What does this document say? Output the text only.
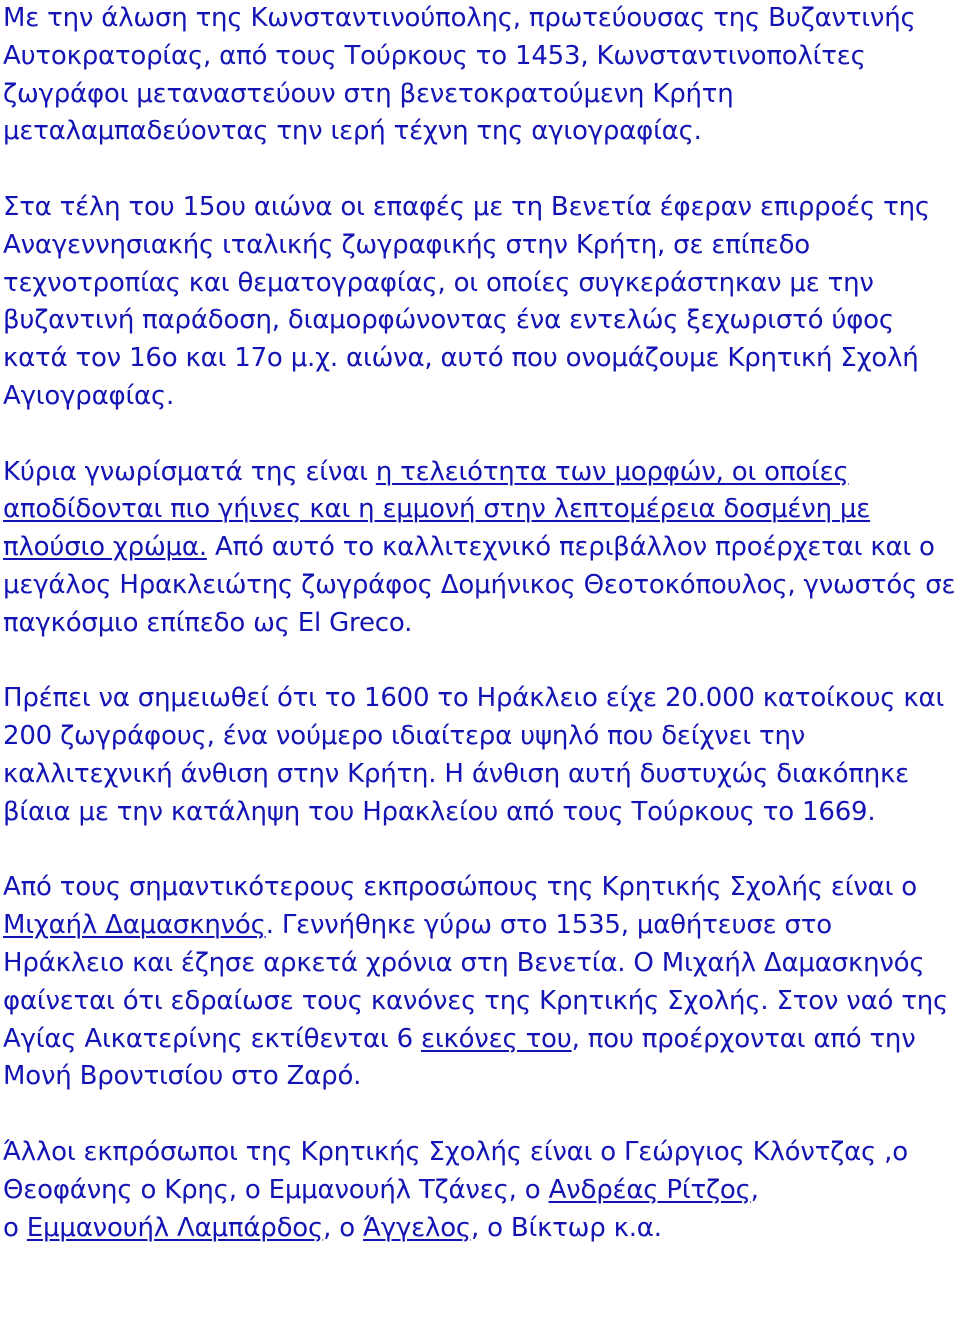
Με την άλωση της Κωνσταντινούπολης, πρωτεύουσας της Βυζαντινής Αυτοκρατορίας, από τους Τούρκους το 1453, Κωνσταντινοπολίτες ζωγράφοι μεταναστεύουν στη βενετοκρατούμενη Κρήτη μεταλαμπαδεύοντας την ιερή τέχνη της αγιογραφίας.

Στα τέλη του 15ου αιώνα οι επαφές με τη Βενετία έφεραν επιρροές της Αναγεννησιακής ιταλικής ζωγραφικής στην Κρήτη, σε επίπεδο τεχνοτροπίας και θεματογραφίας, οι οποίες συγκεράστηκαν με την βυζαντινή παράδοση, διαμορφώνοντας ένα εντελώς ξεχωριστό ύφος κατά τον 16ο και 17ο μ.χ. αιώνα, αυτό που ονομάζουμε Κρητική Σχολή Αγιογραφίας.

Κύρια γνωρίσματά της είναι η τελειότητα των μορφών, οι οποίες αποδίδονται πιο γήινες και η εμμονή στην λεπτομέρεια δοσμένη με πλούσιο χρώμα. Από αυτό το καλλιτεχνικό περιβάλλον προέρχεται και ο μεγάλος Ηρακλειώτης ζωγράφος Δομήνικος Θεοτοκόπουλος, γνωστός σε παγκόσμιο επίπεδο ως El Greco.

Πρέπει να σημειωθεί ότι το 1600 το Ηράκλειο είχε 20.000 κατοίκους και 200 ζωγράφους, ένα νούμερο ιδιαίτερα υψηλό που δείχνει την καλλιτεχνική άνθιση στην Κρήτη. Η άνθιση αυτή δυστυχώς διακόπηκε βίαια με την κατάληψη του Ηρακλείου από τους Τούρκους το 1669.

Από τους σημαντικότερους εκπροσώπους της Κρητικής Σχολής είναι ο Μιχαήλ Δαμασκηνός. Γεννήθηκε γύρω στο 1535, μαθήτευσε στο Ηράκλειο και έζησε αρκετά χρόνια στη Βενετία. Ο Μιχαήλ Δαμασκηνός φαίνεται ότι εδραίωσε τους κανόνες της Κρητικής Σχολής. Στον ναό της Αγίας Αικατερίνης εκτίθενται 6 εικόνες του, που προέρχονται από την Μονή Βροντισίου στο Ζαρό.

Άλλοι εκπρόσωποι της Κρητικής Σχολής είναι ο Γεώργιος Κλόντζας ,ο Θεοφάνης ο Κρης, ο Εμμανουήλ Τζάνες, ο Ανδρέας Ρίτζος,
ο Εμμανουήλ Λαμπάρδος, ο Άγγελος, ο Βίκτωρ κ.α.
